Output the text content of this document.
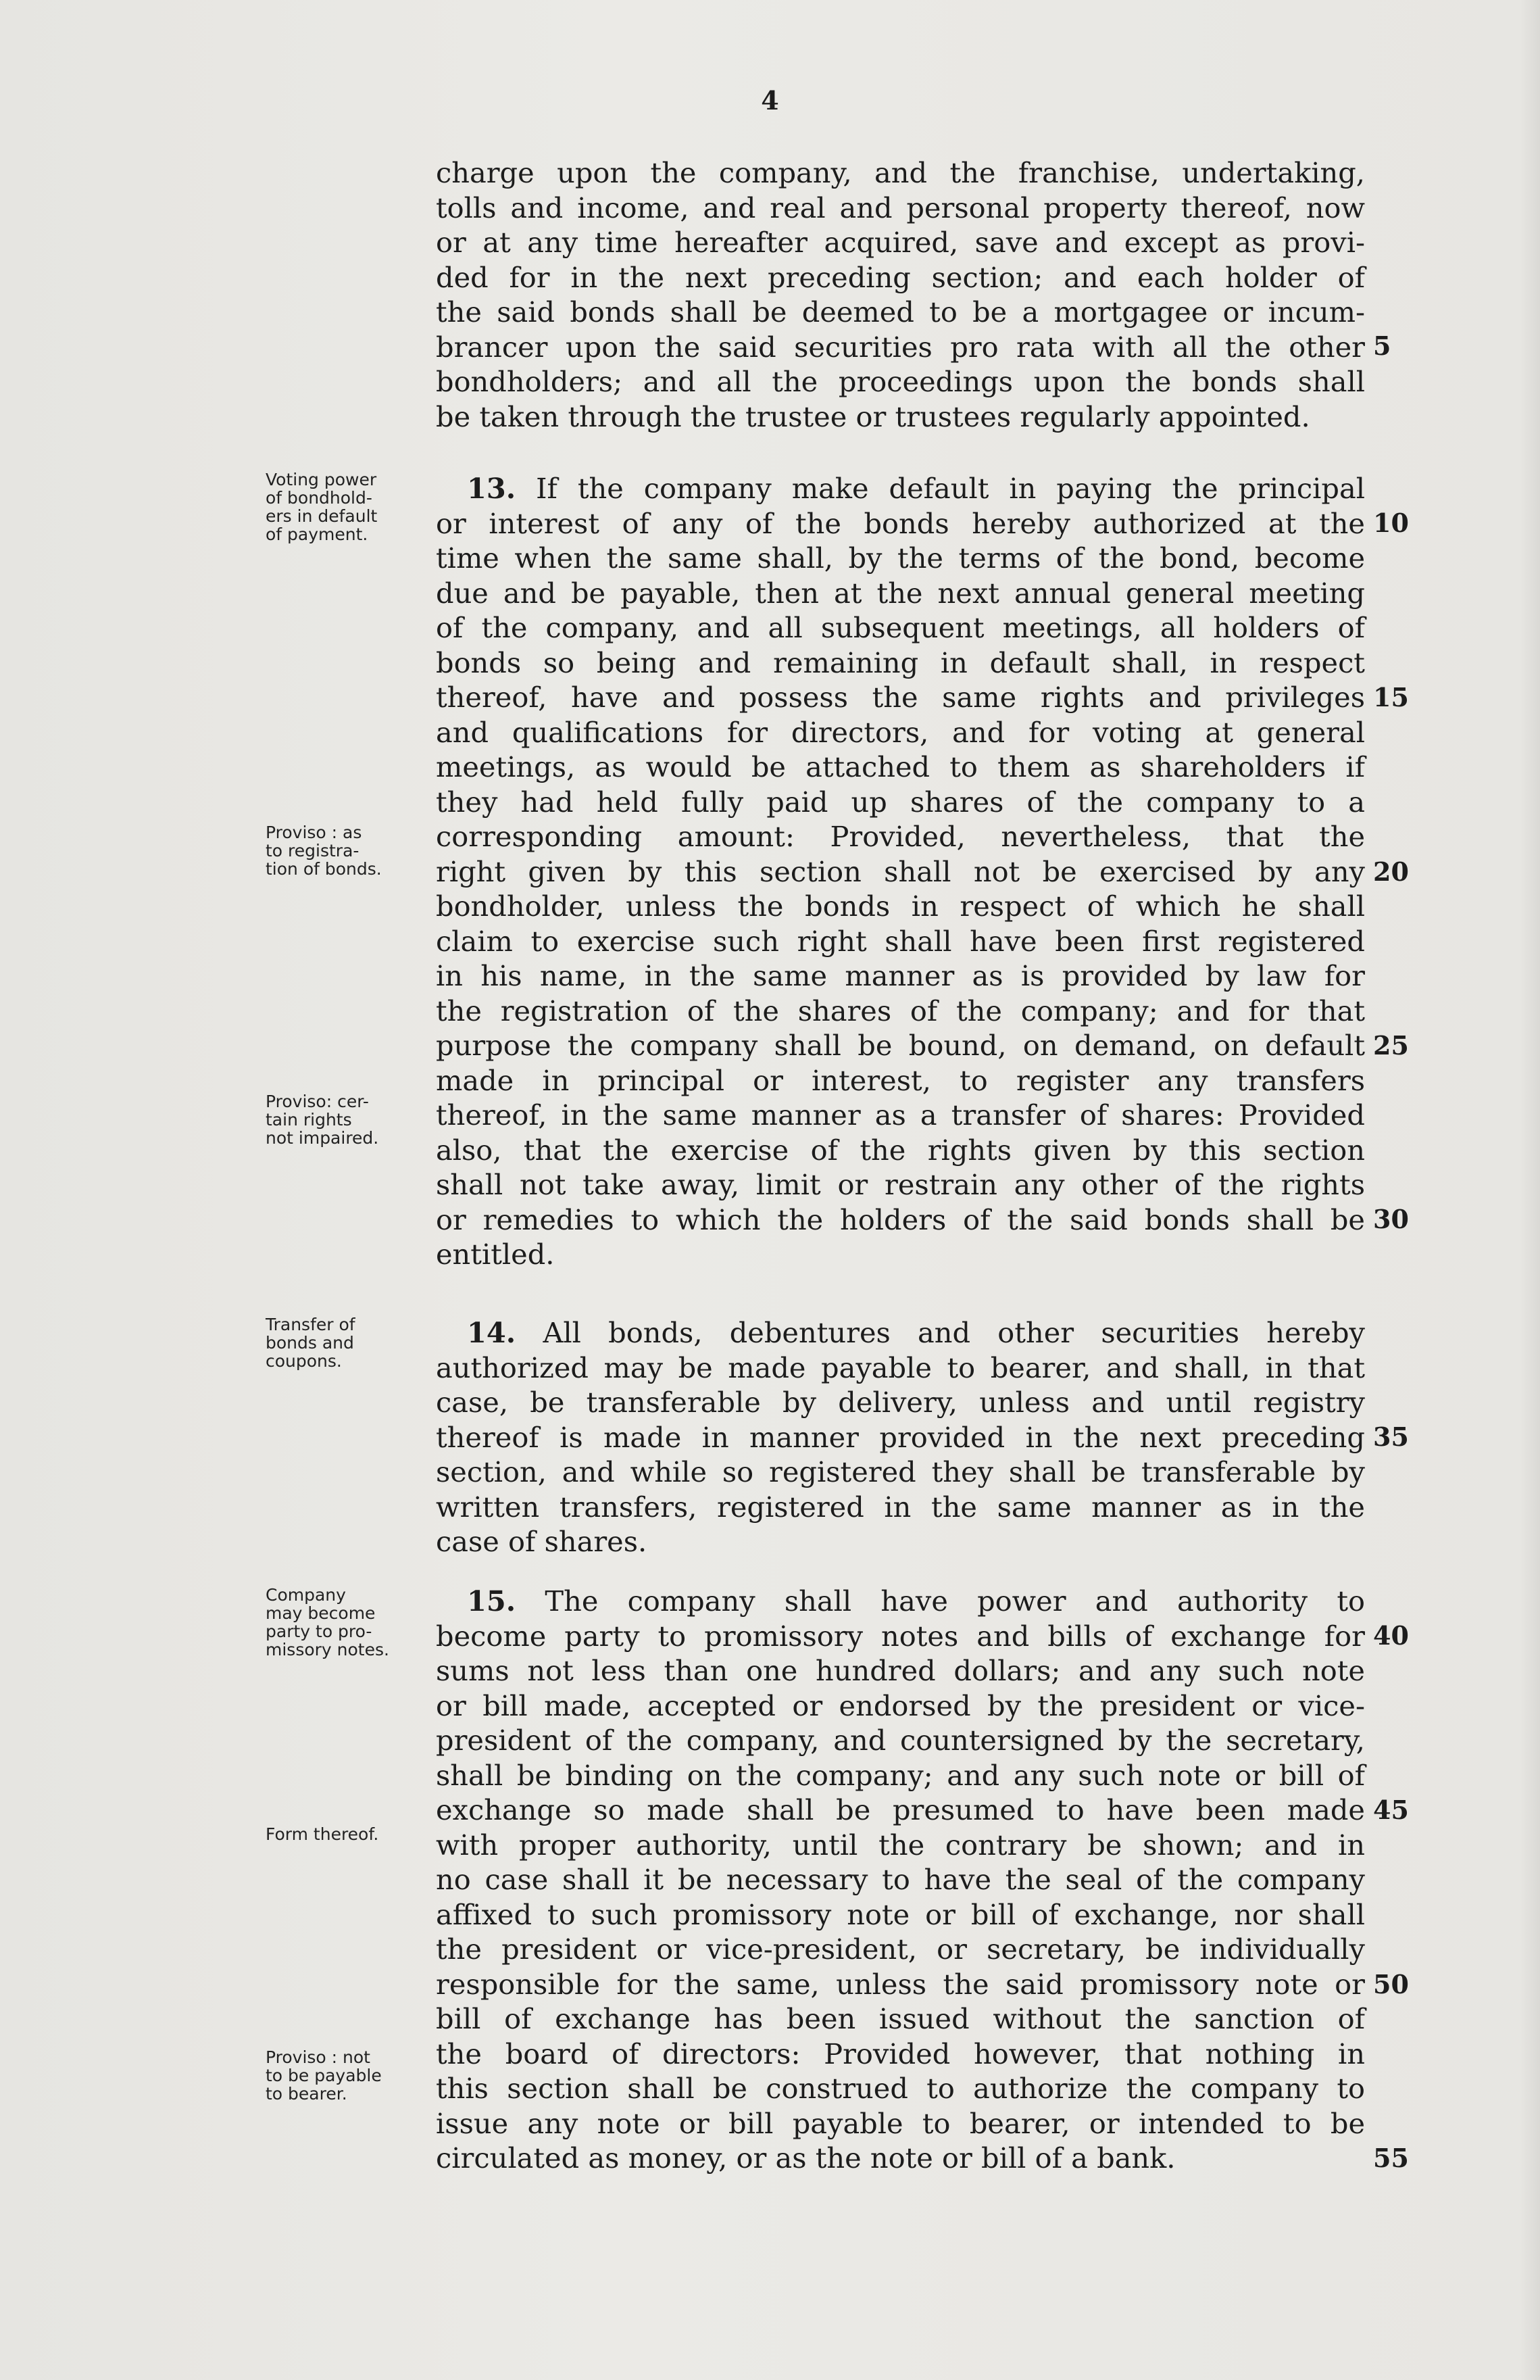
4
charge upon the company, and the franchise, undertaking,
tolls and income, and real and personal property thereof, now
or at any time hereafter acquired, save and except as provi-
ded for in the next preceding section; and each holder of
the said bonds shall be deemed to be a mortgagee or incum-
brancer upon the said securities pro rata with all the other
bondholders; and all the proceedings upon the bonds shall
be taken through the trustee or trustees regularly appointed.
13. If the company make default in paying the principal
or interest of any of the bonds hereby authorized at the
time when the same shall, by the terms of the bond, become
due and be payable, then at the next annual general meeting
of the company, and all subsequent meetings, all holders of
bonds so being and remaining in default shall, in respect
thereof, have and possess the same rights and privileges
and qualifications for directors, and for voting at general
meetings, as would be attached to them as shareholders if
they had held fully paid up shares of the company to a
corresponding amount: Provided, nevertheless, that the
right given by this section shall not be exercised by any
bondholder, unless the bonds in respect of which he shall
claim to exercise such right shall have been first registered
in his name, in the same manner as is provided by law for
the registration of the shares of the company; and for that
purpose the company shall be bound, on demand, on default
made in principal or interest, to register any transfers
thereof, in the same manner as a transfer of shares: Provided
also, that the exercise of the rights given by this section
shall not take away, limit or restrain any other of the rights
or remedies to which the holders of the said bonds shall be
entitled.
14. All bonds, debentures and other securities hereby
authorized may be made payable to bearer, and shall, in that
case, be transferable by delivery, unless and until registry
thereof is made in manner provided in the next preceding
section, and while so registered they shall be transferable by
written transfers, registered in the same manner as in the
case of shares.
15. The company shall have power and authority to
become party to promissory notes and bills of exchange for
sums not less than one hundred dollars; and any such note
or bill made, accepted or endorsed by the president or vice-
president of the company, and countersigned by the secretary,
shall be binding on the company; and any such note or bill of
exchange so made shall be presumed to have been made
with proper authority, until the contrary be shown; and in
no case shall it be necessary to have the seal of the company
affixed to such promissory note or bill of exchange, nor shall
the president or vice-president, or secretary, be individually
responsible for the same, unless the said promissory note or
bill of exchange has been issued without the sanction of
the board of directors: Provided however, that nothing in
this section shall be construed to authorize the company to
issue any note or bill payable to bearer, or intended to be
circulated as money, or as the note or bill of a bank.
5
10
15
20
25
30
35
40
45
50
55
Voting power
of bondhold-
ers in default
of payment.
Proviso : as
to registra-
tion of bonds.
Proviso: cer-
tain rights
not impaired.
Transfer of
bonds and
coupons.
Company
may become
party to pro-
missory notes.
Form thereof.
Proviso : not
to be payable
to bearer.
